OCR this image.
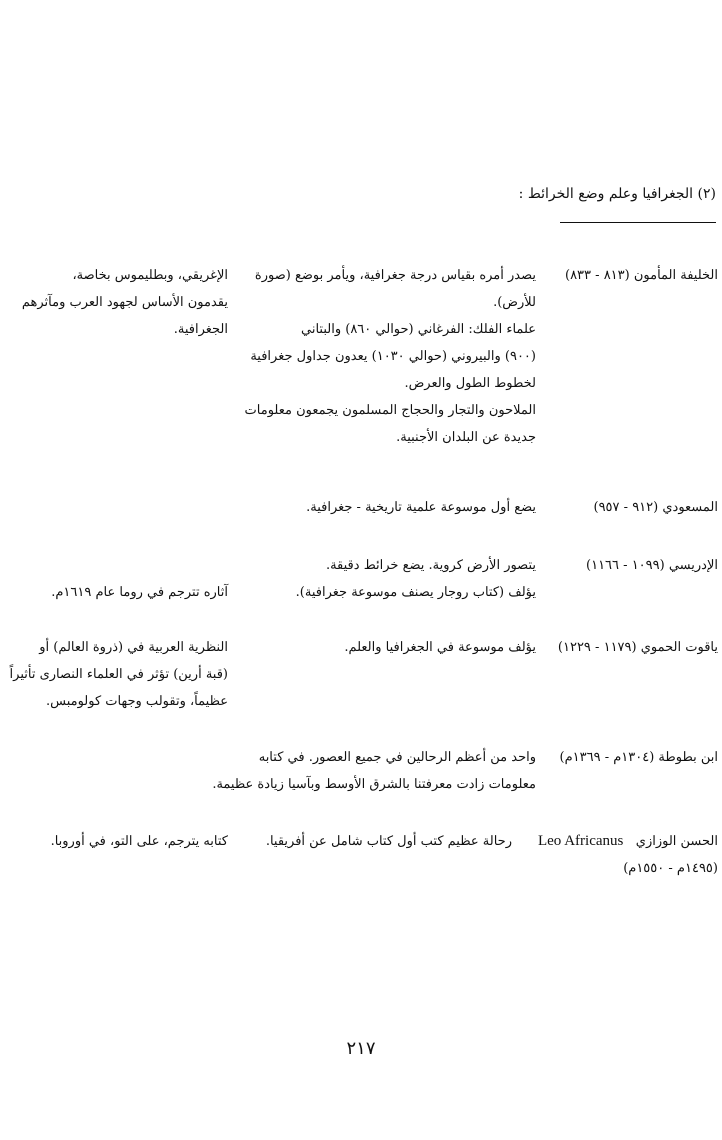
(٢) الجغرافيا وعلم وضع الخرائط :
الخليفة المأمون (٨١٣ - ٨٣٣)
يصدر أمره بقياس درجة جغرافية، ويأمر بوضع (صورة
للأرض).
علماء الفلك: الفرغاني (حوالي ٨٦٠) والبتاني
(٩٠٠) والبيروني (حوالي ١٠٣٠) يعدون جداول جغرافية
لخطوط الطول والعرض.
الملاحون والتجار والحجاج المسلمون يجمعون معلومات
جديدة عن البلدان الأجنبية.
الإغريقي، وبطليموس بخاصة،
يقدمون الأساس لجهود العرب ومآثرهم
الجغرافية.
المسعودي (٩١٢ - ٩٥٧)
يضع أول موسوعة علمية تاريخية - جغرافية.
الإدريسي (١٠٩٩ - ١١٦٦)
يتصور الأرض كروية. يضع خرائط دقيقة.
يؤلف (كتاب روجار يصنف موسوعة جغرافية).

آثاره تترجم في روما عام ١٦١٩م.
ياقوت الحموي (١١٧٩ - ١٢٢٩)
يؤلف موسوعة في الجغرافيا والعلم.
النظرية العربية في (ذروة العالم) أو
(قبة أرين) تؤثر في العلماء النصارى تأثيراً
عظيماً، وتقولب وجهات كولومبس.
ابن بطوطة (١٣٠٤م - ١٣٦٩م)
واحد من أعظم الرحالين في جميع العصور. في كتابه
معلومات زادت معرفتنا بالشرق الأوسط وبآسيا زيادة عظيمة.
الحسن الوزازي   Leo Africanus
(١٤٩٥م - ١٥٥٠م)
رحالة عظيم كتب أول كتاب شامل عن أفريقيا.
كتابه يترجم، على التو، في أوروبا.
٢١٧
